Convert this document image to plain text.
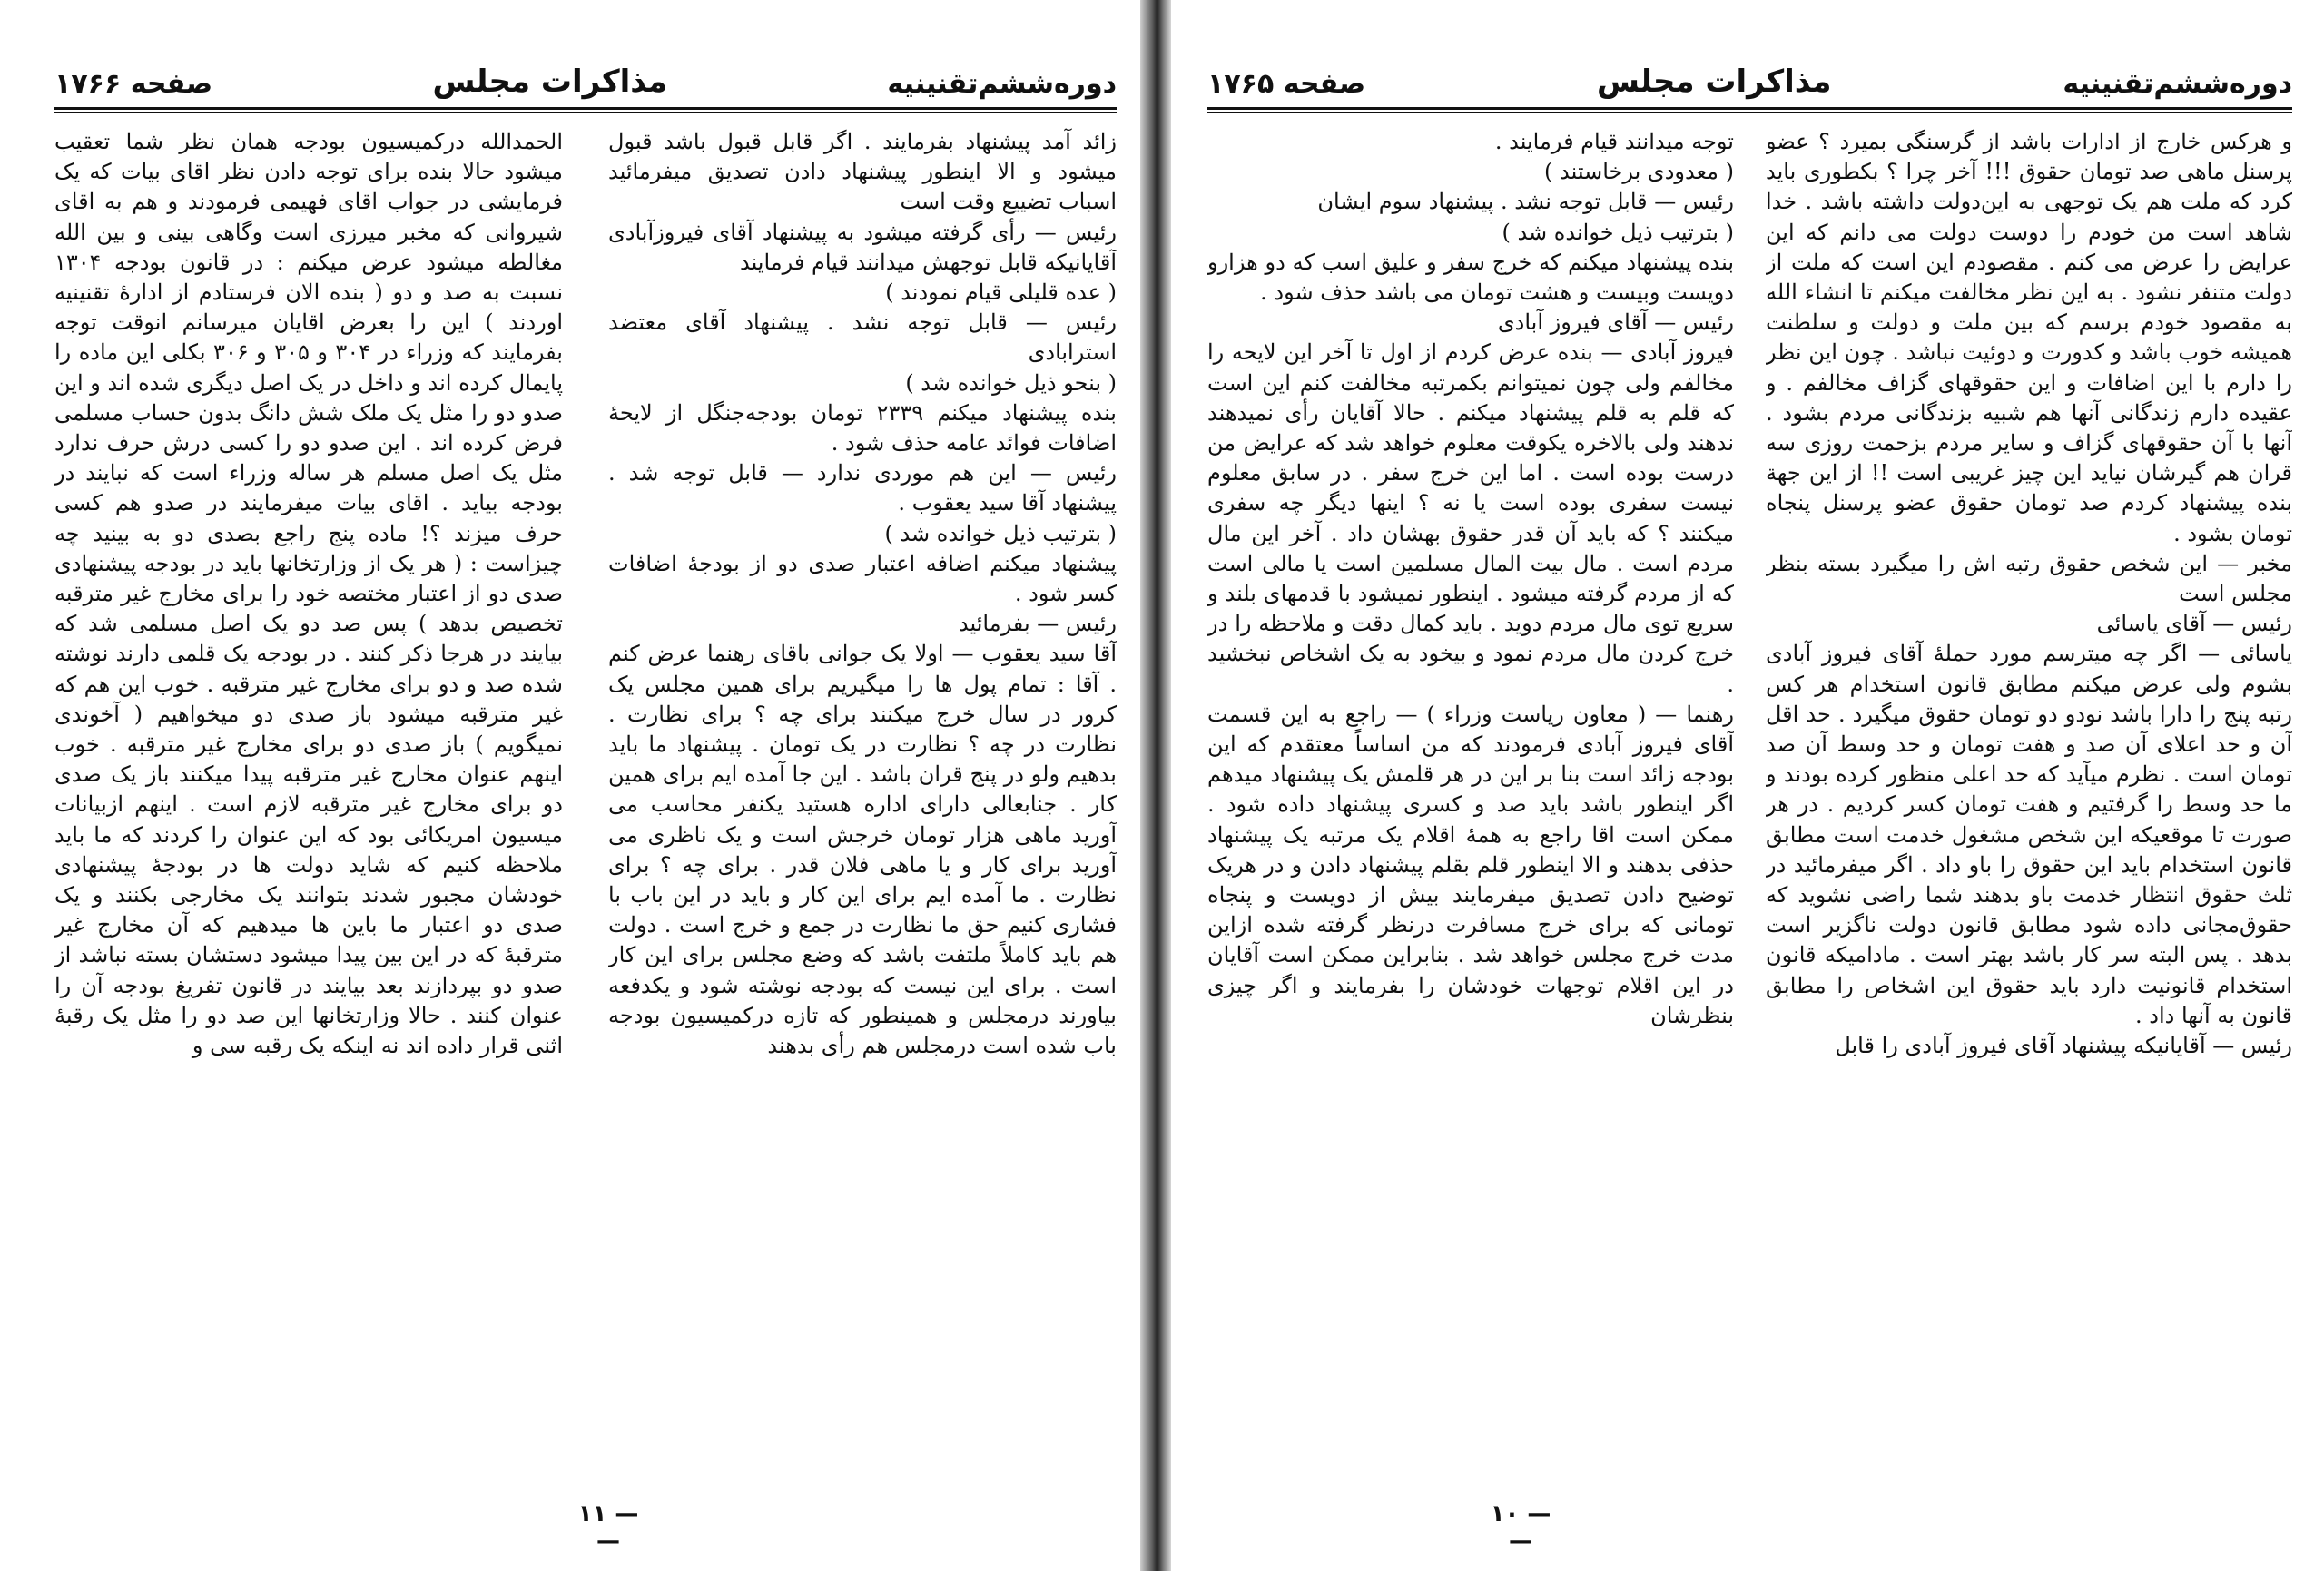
دوره‌ششم‌تقنینیه
مذاکرات مجلس
صفحه ۱۷۶۶

زائد آمد پیشنهاد بفرمایند . اگر قابل قبول باشد قبول میشود و الا اینطور پیشنهاد دادن تصدیق میفرمائید اسباب تضییع وقت است
رئیس — رأی گرفته میشود به پیشنهاد آقای فیروزآبادی آقایانیکه قابل توجهش میدانند قیام فرمایند
( عده قلیلی قیام نمودند )
رئیس — قابل توجه نشد . پیشنهاد آقای معتضد استرابادی
( بنحو ذیل خوانده شد )
بنده پیشنهاد میکنم ۲۳۳۹ تومان بودجه‌جنگل از لایحهٔ اضافات فوائد عامه حذف شود .
رئیس — این هم موردی ندارد — قابل توجه شد . پیشنهاد آقا سید یعقوب .
( بترتیب ذیل خوانده شد )
پیشنهاد میکنم اضافه اعتبار صدی دو از بودجهٔ اضافات کسر شود .
رئیس — بفرمائید
آقا سید یعقوب — اولا یک جوانی باقای رهنما عرض کنم . آقا : تمام پول ها را میگیریم برای همین مجلس یک کرور در سال خرج میکنند برای چه ؟ برای نظارت . نظارت در چه ؟ نظارت در یک تومان . پیشنهاد ما باید بدهیم ولو در پنج قران باشد . این جا آمده ایم برای همین کار . جنابعالی دارای اداره هستید یکنفر محاسب می آورید ماهی هزار تومان خرجش است و یک ناظری می آورید برای کار و یا ماهی فلان قدر . برای چه ؟ برای نظارت . ما آمده ایم برای این کار و باید در این باب با فشاری کنیم حق ما نظارت در جمع و خرج است . دولت هم باید کاملاً ملتفت باشد که وضع مجلس برای این کار است . برای این نیست که بودجه نوشته شود و یکدفعه بیاورند درمجلس و همینطور که تازه درکمیسیون بودجه باب شده است درمجلس هم رأی بدهند

الحمدالله درکمیسیون بودجه همان نظر شما تعقیب میشود حالا بنده برای توجه دادن نظر اقای بیات که یک فرمایشی در جواب اقای فهیمی فرمودند و هم به اقای شیروانی که مخبر میرزی است وگاهی بینی و بین الله مغالطه میشود عرض میکنم : در قانون بودجه ۱۳۰۴ نسبت به صد و دو ( بنده الان فرستادم از ادارهٔ تقنینیه اوردند ) این را بعرض اقایان میرسانم انوقت توجه بفرمایند که وزراء در ۳۰۴ و ۳۰۵ و ۳۰۶ بکلی این ماده را پایمال کرده اند و داخل در یک اصل دیگری شده اند و این صدو دو را مثل یک ملک شش دانگ بدون حساب مسلمی فرض کرده اند . این صدو دو را کسی درش حرف ندارد مثل یک اصل مسلم هر ساله وزراء است که نبایند در بودجه بیاید . اقای بیات میفرمایند در صدو هم کسی حرف میزند ؟! ماده پنج راجع بصدی دو به بینید چه چیزاست : ( هر یک از وزارتخانها باید در بودجه پیشنهادی صدی دو از اعتبار مختصه خود را برای مخارج غیر مترقبه تخصیص بدهد ) پس صد دو یک اصل مسلمی شد که بیایند در هرجا ذکر کنند . در بودجه یک قلمی دارند نوشته شده صد و دو برای مخارج غیر مترقبه . خوب این هم که غیر مترقبه میشود باز صدی دو میخواهیم ( آخوندی نمیگویم ) باز صدی دو برای مخارج غیر مترقبه . خوب اینهم عنوان مخارج غیر مترقبه پیدا میکنند باز یک صدی دو برای مخارج غیر مترقبه لازم است . اینهم ازبیانات میسیون امریکائی بود که این عنوان را کردند که ما باید ملاحظه کنیم که شاید دولت ها در بودجهٔ پیشنهادی خودشان مجبور شدند بتوانند یک مخارجی بکنند و یک صدی دو اعتبار ما باین ها میدهیم که آن مخارج غیر مترقبهٔ که در این بین پیدا میشود دستشان بسته نباشد از صدو دو بپردازند بعد بیایند در قانون تفریغ بودجه آن را عنوان کنند . حالا وزارتخانها این صد دو را مثل یک رقبهٔ اثنی قرار داده اند نه اینکه یک رقبه سی و

— ۱۱ —
دوره‌ششم‌تقنینیه
مذاکرات مجلس
صفحه ۱۷۶۵

و هرکس خارج از ادارات باشد از گرسنگی بمیرد ؟ عضو پرسنل ماهی صد تومان حقوق !!! آخر چرا ؟ بکطوری باید کرد که ملت هم یک توجهی به این‌دولت داشته باشد . خدا شاهد است من خودم را دوست دولت می دانم که این عرایض را عرض می کنم . مقصودم این است که ملت از دولت متنفر نشود . به این نظر مخالفت میکنم تا انشاء الله به مقصود خودم برسم که بین ملت و دولت و سلطنت همیشه خوب باشد و کدورت و دوئیت نباشد . چون این نظر را دارم با این اضافات و این حقوقهای گزاف مخالفم . و عقیده دارم زندگانی آنها هم شبیه بزندگانی مردم بشود . آنها با آن حقوقهای گزاف و سایر مردم بزحمت روزی سه قران هم گیرشان نیاید این چیز غریبی است !! از این جهة بنده پیشنهاد کردم صد تومان حقوق عضو پرسنل پنجاه تومان بشود .
مخبر — این شخص حقوق رتبه اش را میگیرد بسته بنظر مجلس است
رئیس — آقای یاسائی
یاسائی — اگر چه میترسم مورد حملهٔ آقای فیروز آبادی بشوم ولی عرض میکنم مطابق قانون استخدام هر کس رتبه پنج را دارا باشد نودو دو تومان حقوق میگیرد . حد اقل آن و حد اعلای آن صد و هفت تومان و حد وسط آن صد تومان است . نظرم میآید که حد اعلی منظور کرده بودند و ما حد وسط را گرفتیم و هفت تومان کسر کردیم . در هر صورت تا موقعیکه این شخص مشغول خدمت است مطابق قانون استخدام باید این حقوق را باو داد . اگر میفرمائید در ثلث حقوق انتظار خدمت باو بدهند شما راضی نشوید که حقوق‌مجانی داده شود مطابق قانون دولت ناگزیر است بدهد . پس البته سر کار باشد بهتر است . مادامیکه قانون استخدام قانونیت دارد باید حقوق این اشخاص را مطابق قانون به آنها داد .
رئیس — آقایانیکه پیشنهاد آقای فیروز آبادی را قابل

توجه میدانند قیام فرمایند .
( معدودی برخاستند )
رئیس — قابل توجه نشد . پیشنهاد سوم ایشان
( بترتیب ذیل خوانده شد )
بنده پیشنهاد میکنم که خرج سفر و علیق اسب که دو هزارو دویست وبیست و هشت تومان می باشد حذف شود .
رئیس — آقای فیروز آبادی
فیروز آبادی — بنده عرض کردم از اول تا آخر این لایحه را مخالفم ولی چون نمیتوانم بکمرتبه مخالفت کنم این است که قلم به قلم پیشنهاد میکنم . حالا آقایان رأی نمیدهند ندهند ولی بالاخره یکوقت معلوم خواهد شد که عرایض من درست بوده است . اما این خرج سفر . در سابق معلوم نیست سفری بوده است یا نه ؟ اینها دیگر چه سفری میکنند ؟ که باید آن قدر حقوق بهشان داد . آخر این مال مردم است . مال بیت المال مسلمین است یا مالی است که از مردم گرفته میشود . اینطور نمیشود با قدمهای بلند و سریع توی مال مردم دوید . باید کمال دقت و ملاحظه را در خرج کردن مال مردم نمود و بیخود به یک اشخاص نبخشید .
رهنما — ( معاون ریاست وزراء ) — راجع به این قسمت آقای فیروز آبادی فرمودند که من اساساً معتقدم که این بودجه زائد است بنا بر این در هر قلمش یک پیشنهاد میدهم اگر اینطور باشد باید صد و کسری پیشنهاد داده شود . ممکن است اقا راجع به همهٔ اقلام یک مرتبه یک پیشنهاد حذفی بدهند و الا اینطور قلم بقلم پیشنهاد دادن و در هریک توضیح دادن تصدیق میفرمایند بیش از دویست و پنجاه تومانی که برای خرج مسافرت درنظر گرفته شده ازاین مدت خرج مجلس خواهد شد . بنابراین ممکن است آقایان در این اقلام توجهات خودشان را بفرمایند و اگر چیزی بنظرشان

— ۱۰ —
